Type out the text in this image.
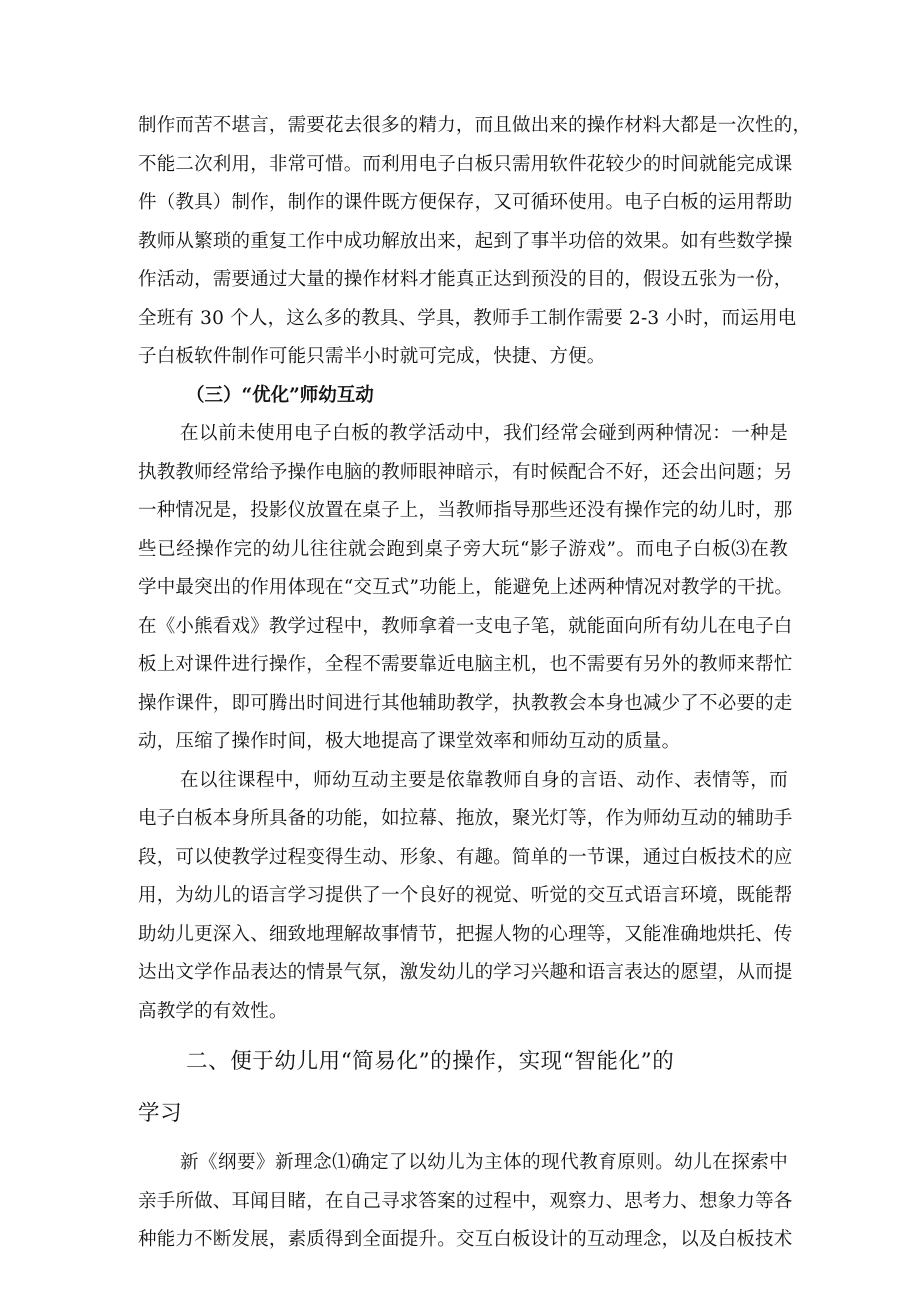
制作而苦不堪言，需要花去很多的精力，而且做出来的操作材料大都是一次性的，
不能二次利用，非常可惜。而利用电子白板只需用软件花较少的时间就能完成课
件（教具）制作，制作的课件既方便保存，又可循环使用。电子白板的运用帮助
教师从繁琐的重复工作中成功解放出来，起到了事半功倍的效果。如有些数学操
作活动，需要通过大量的操作材料才能真正达到预没的目的，假设五张为一份，
全班有 30 个人，这么多的教具、学具，教师手工制作需要 2-3 小时，而运用电
子白板软件制作可能只需半小时就可完成，快捷、方便。
（三）“优化”师幼互动
在以前未使用电子白板的教学活动中，我们经常会碰到两种情况：一种是
执教教师经常给予操作电脑的教师眼神暗示，有时候配合不好，还会出问题；另
一种情况是，投影仪放置在桌子上，当教师指导那些还没有操作完的幼儿时，那
些已经操作完的幼儿往往就会跑到桌子旁大玩“影子游戏”。而电子白板⑶在教
学中最突出的作用体现在“交互式”功能上，能避免上述两种情况对教学的干扰。
在《小熊看戏》教学过程中，教师拿着一支电子笔，就能面向所有幼儿在电子白
板上对课件进行操作，全程不需要靠近电脑主机，也不需要有另外的教师来帮忙
操作课件，即可腾出时间进行其他辅助教学，执教教会本身也减少了不必要的走
动，压缩了操作时间，极大地提高了课堂效率和师幼互动的质量。
在以往课程中，师幼互动主要是依靠教师自身的言语、动作、表情等，而
电子白板本身所具备的功能，如拉幕、拖放，聚光灯等，作为师幼互动的辅助手
段，可以使教学过程变得生动、形象、有趣。简单的一节课，通过白板技术的应
用，为幼儿的语言学习提供了一个良好的视觉、听觉的交互式语言环境，既能帮
助幼儿更深入、细致地理解故事情节，把握人物的心理等，又能准确地烘托、传
达出文学作品表达的情景气氛，激发幼儿的学习兴趣和语言表达的愿望，从而提
高教学的有效性。
二、便于幼儿用“简易化”的操作，实现“智能化”的
学习
新《纲要》新理念⑴确定了以幼儿为主体的现代教育原则。幼儿在探索中
亲手所做、耳闻目睹，在自己寻求答案的过程中，观察力、思考力、想象力等各
种能力不断发展，素质得到全面提升。交互白板设计的互动理念，以及白板技术
